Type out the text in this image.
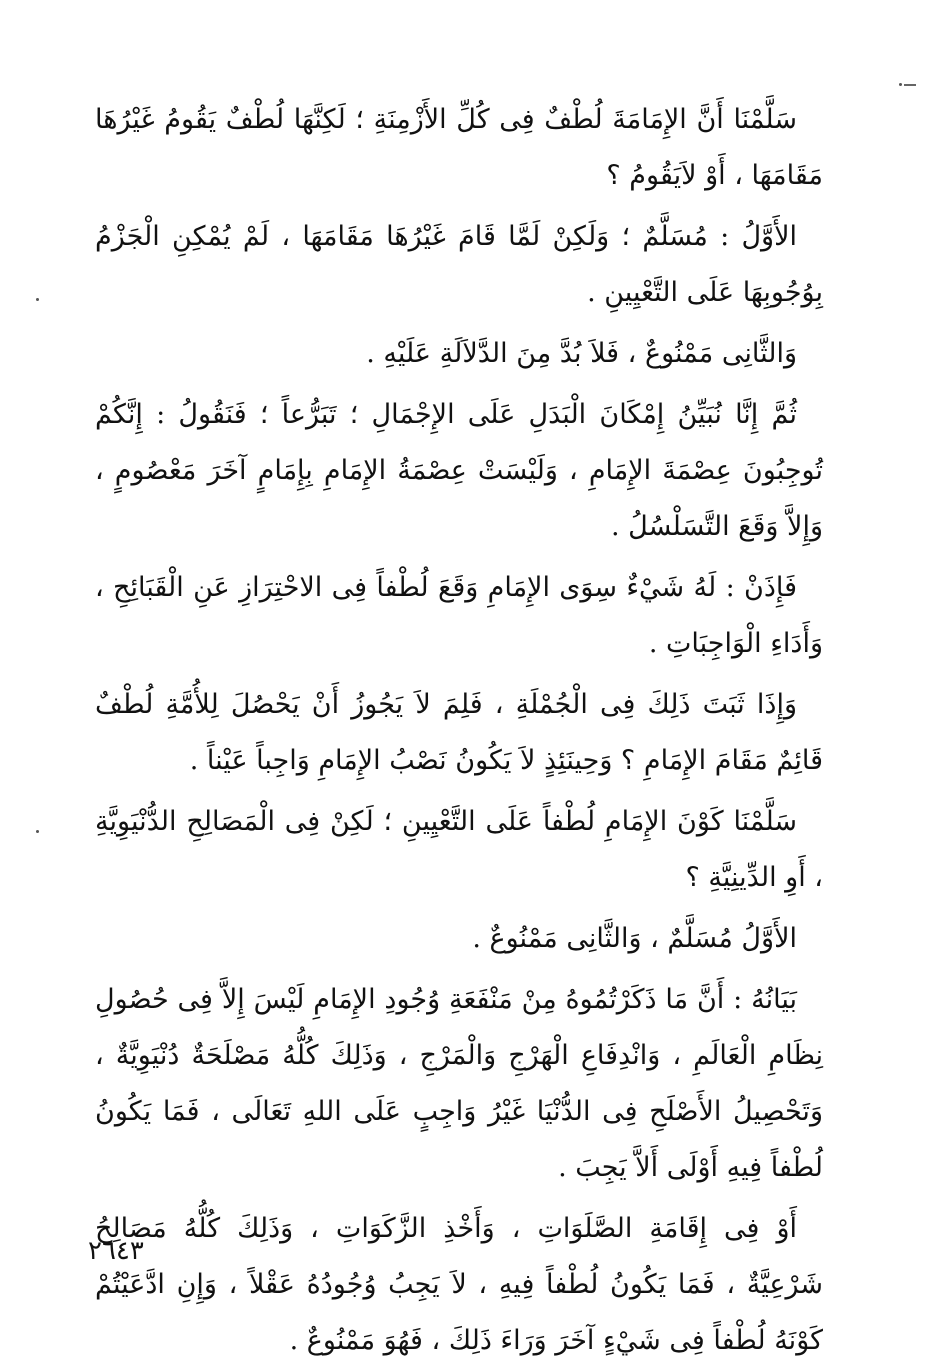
سَلَّمْنَا أَنَّ الإِمَامَةَ لُطْفٌ فِى كُلِّ الأَزْمِنَةِ ؛ لَكِنَّهَا لُطْفٌ يَقُومُ غَيْرُهَا مَقَامَهَا ، أَوْ لاَيَقُومُ ؟

الأَوَّلُ : مُسَلَّمٌ ؛ وَلَكِنْ لَمَّا قَامَ غَيْرُهَا مَقَامَهَا ، لَمْ يُمْكِنِ الْجَزْمُ بِوُجُوبِهَا عَلَى التَّعْيِينِ .

وَالثَّانِى مَمْنُوعٌ ، فَلاَ بُدَّ مِنَ الدَّلاَلَةِ عَلَيْهِ .

ثُمَّ إِنَّا نُبَيِّنُ إِمْكَانَ الْبَدَلِ عَلَى الإِجْمَالِ ؛ تَبَرُّعاً ؛ فَنَقُولُ : إِنَّكُمْ تُوجِبُونَ عِصْمَةَ الإِمَامِ ، وَلَيْسَتْ عِصْمَةُ الإِمَامِ بِإِمَامٍ آخَرَ مَعْصُومٍ ، وَإِلاَّ وَقَعَ التَّسَلْسُلُ .

فَإِذَنْ : لَهُ شَيْءٌ سِوَى الإِمَامِ وَقَعَ لُطْفاً فِى الاحْتِرَازِ عَنِ الْقَبَائِحِ ، وَأَدَاءِ الْوَاجِبَاتِ .

وَإِذَا ثَبَتَ ذَلِكَ فِى الْجُمْلَةِ ، فَلِمَ لاَ يَجُوزُ أَنْ يَحْصُلَ لِلأُمَّةِ لُطْفٌ قَائِمٌ مَقَامَ الإِمَامِ ؟ وَحِينَئِذٍ لاَ يَكُونُ نَصْبُ الإِمَامِ وَاجِباً عَيْناً .

سَلَّمْنَا كَوْنَ الإِمَامِ لُطْفاً عَلَى التَّعْيِينِ ؛ لَكِنْ فِى الْمَصَالِحِ الدُّنْيَوِيَّةِ ، أَوِ الدِّينِيَّةِ ؟

الأَوَّلُ مُسَلَّمٌ ، وَالثَّانِى مَمْنُوعٌ .

بَيَانُهُ : أَنَّ مَا ذَكَرْتُمُوهُ مِنْ مَنْفَعَةِ وُجُودِ الإِمَامِ لَيْسَ إِلاَّ فِى حُصُولِ نِظَامِ الْعَالَمِ ، وَانْدِفَاعِ الْهَرْجِ وَالْمَرْجِ ، وَذَلِكَ كُلُّهُ مَصْلَحَةٌ دُنْيَوِيَّةٌ ، وَتَحْصِيلُ الأَصْلَحِ فِى الدُّنْيَا غَيْرُ وَاجِبٍ عَلَى اللهِ تَعَالَى ، فَمَا يَكُونُ لُطْفاً فِيهِ أَوْلَى أَلاَّ يَجِبَ .

أَوْ فِى إِقَامَةِ الصَّلَوَاتِ ، وَأَخْذِ الزَّكَوَاتِ ، وَذَلِكَ كُلُّهُ مَصَالِحُ شَرْعِيَّةٌ ، فَمَا يَكُونُ لُطْفاً فِيهِ ، لاَ يَجِبُ وُجُودُهُ عَقْلاً ، وَإِنِ ادَّعَيْتُمْ كَوْنَهُ لُطْفاً فِى شَيْءٍ آخَرَ وَرَاءَ ذَلِكَ ، فَهُوَ مَمْنُوعٌ .

٢٦٤٣
